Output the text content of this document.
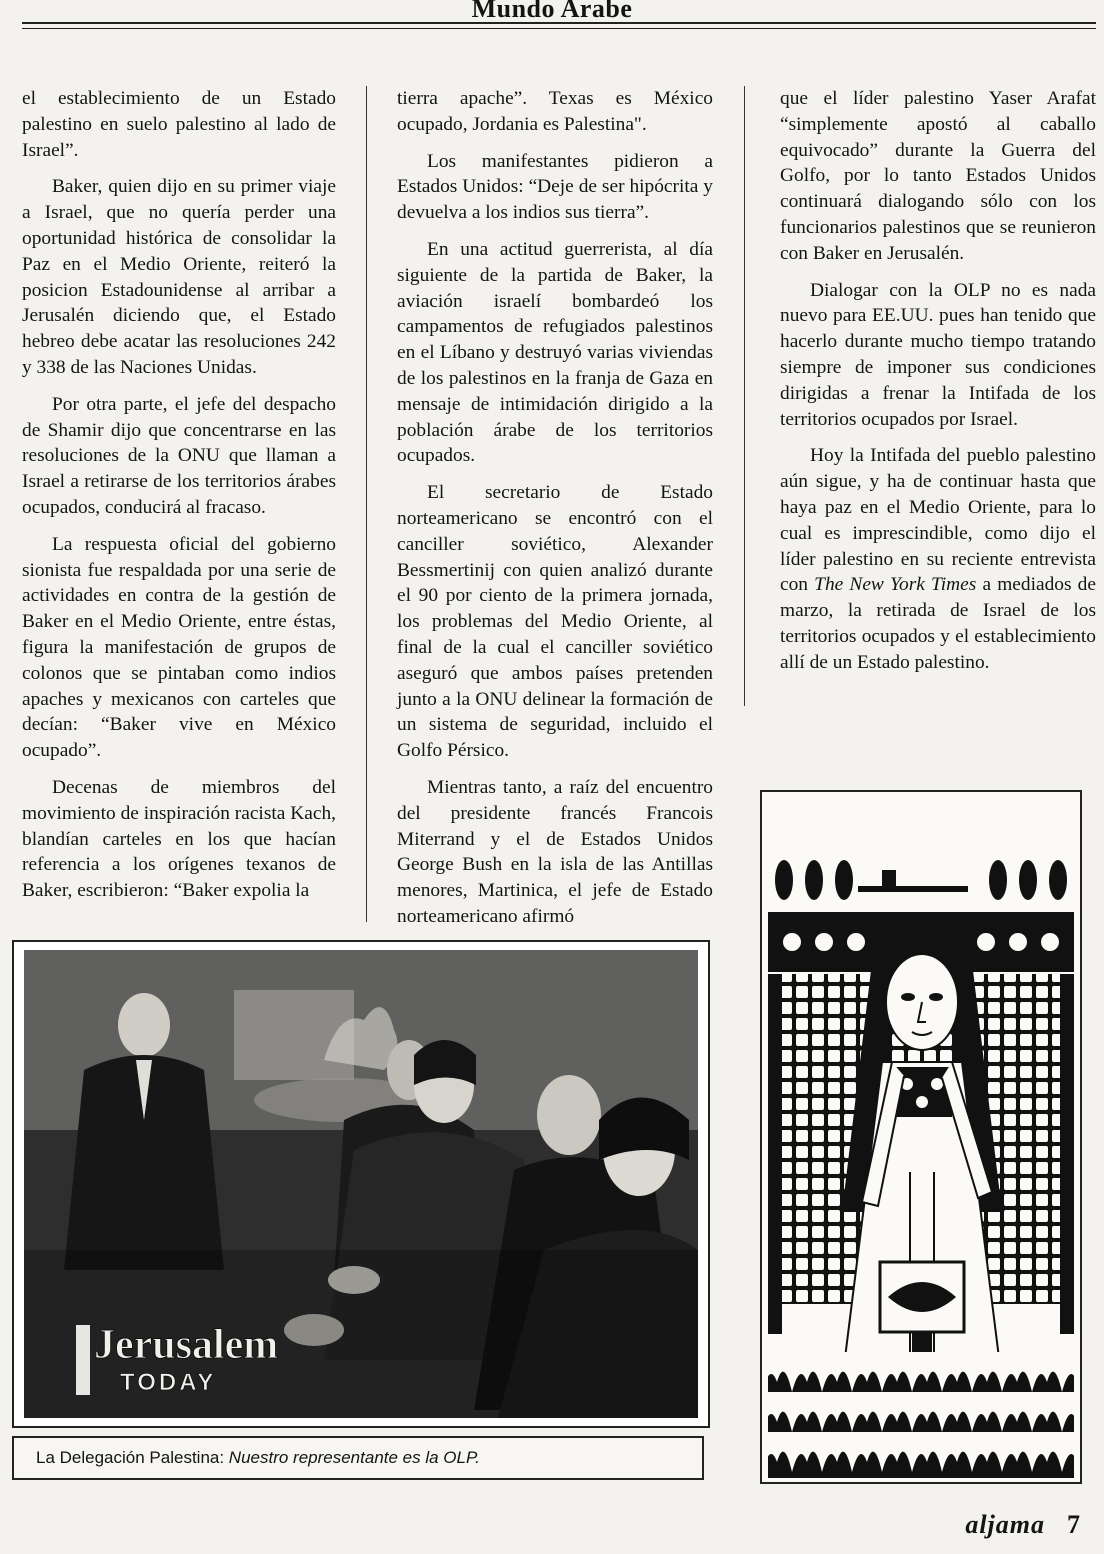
Mundo Arabe

el establecimiento de un Estado palestino en suelo palestino al lado de Israel”.

Baker, quien dijo en su primer viaje a Israel, que no quería perder una oportunidad histórica de consolidar la Paz en el Medio Oriente, reiteró la posicion Estadounidense al arribar a Jerusalén diciendo que, el Estado hebreo debe acatar las resoluciones 242 y 338 de las Naciones Unidas.

Por otra parte, el jefe del despacho de Shamir dijo que concentrarse en las resoluciones de la ONU que llaman a Israel a retirarse de los territorios árabes ocupados, conducirá al fracaso.

La respuesta oficial del gobierno sionista fue respaldada por una serie de actividades en contra de la gestión de Baker en el Medio Oriente, entre éstas, figura la manifestación de grupos de colonos que se pintaban como indios apaches y mexicanos con carteles que decían: “Baker vive en México ocupado”.

Decenas de miembros del movimiento de inspiración racista Kach, blandían carteles en los que hacían referencia a los orígenes texanos de Baker, escribieron: “Baker expolia la

tierra apache”. Texas es México ocupado, Jordania es Palestina".

Los manifestantes pidieron a Estados Unidos: “Deje de ser hipócrita y devuelva a los indios sus tierra”.

En una actitud guerrerista, al día siguiente de la partida de Baker, la aviación israelí bombardeó los campamentos de refugiados palestinos en el Líbano y destruyó varias viviendas de los palestinos en la franja de Gaza en mensaje de intimidación dirigido a la población árabe de los territorios ocupados.

El secretario de Estado norteamericano se encontró con el canciller soviético, Alexander Bessmertinij con quien analizó durante el 90 por ciento de la primera jornada, los problemas del Medio Oriente, al final de la cual el canciller soviético aseguró que ambos países pretenden junto a la ONU delinear la formación de un sistema de seguridad, incluido el Golfo Pérsico.

Mientras tanto, a raíz del encuentro del presidente francés Francois Miterrand y el de Estados Unidos George Bush en la isla de las Antillas menores, Martinica, el jefe de Estado norteamericano afirmó

que el líder palestino Yaser Arafat “simplemente apostó al caballo equivocado” durante la Guerra del Golfo, por lo tanto Estados Unidos continuará dialogando sólo con los funcionarios palestinos que se reunieron con Baker en Jerusalén.

Dialogar con la OLP no es nada nuevo para EE.UU. pues han tenido que hacerlo durante mucho tiempo tratando siempre de imponer sus condiciones dirigidas a frenar la Intifada de los territorios ocupados por Israel.

Hoy la Intifada del pueblo palestino aún sigue, y ha de continuar hasta que haya paz en el Medio Oriente, para lo cual es imprescindible, como dijo el líder palestino en su reciente entrevista con The New York Times a mediados de marzo, la retirada de Israel de los territorios ocupados y el establecimiento allí de un Estado palestino.

Jerusalem
TODAY
La Delegación Palestina: Nuestro representante es la OLP.
aljama 7
